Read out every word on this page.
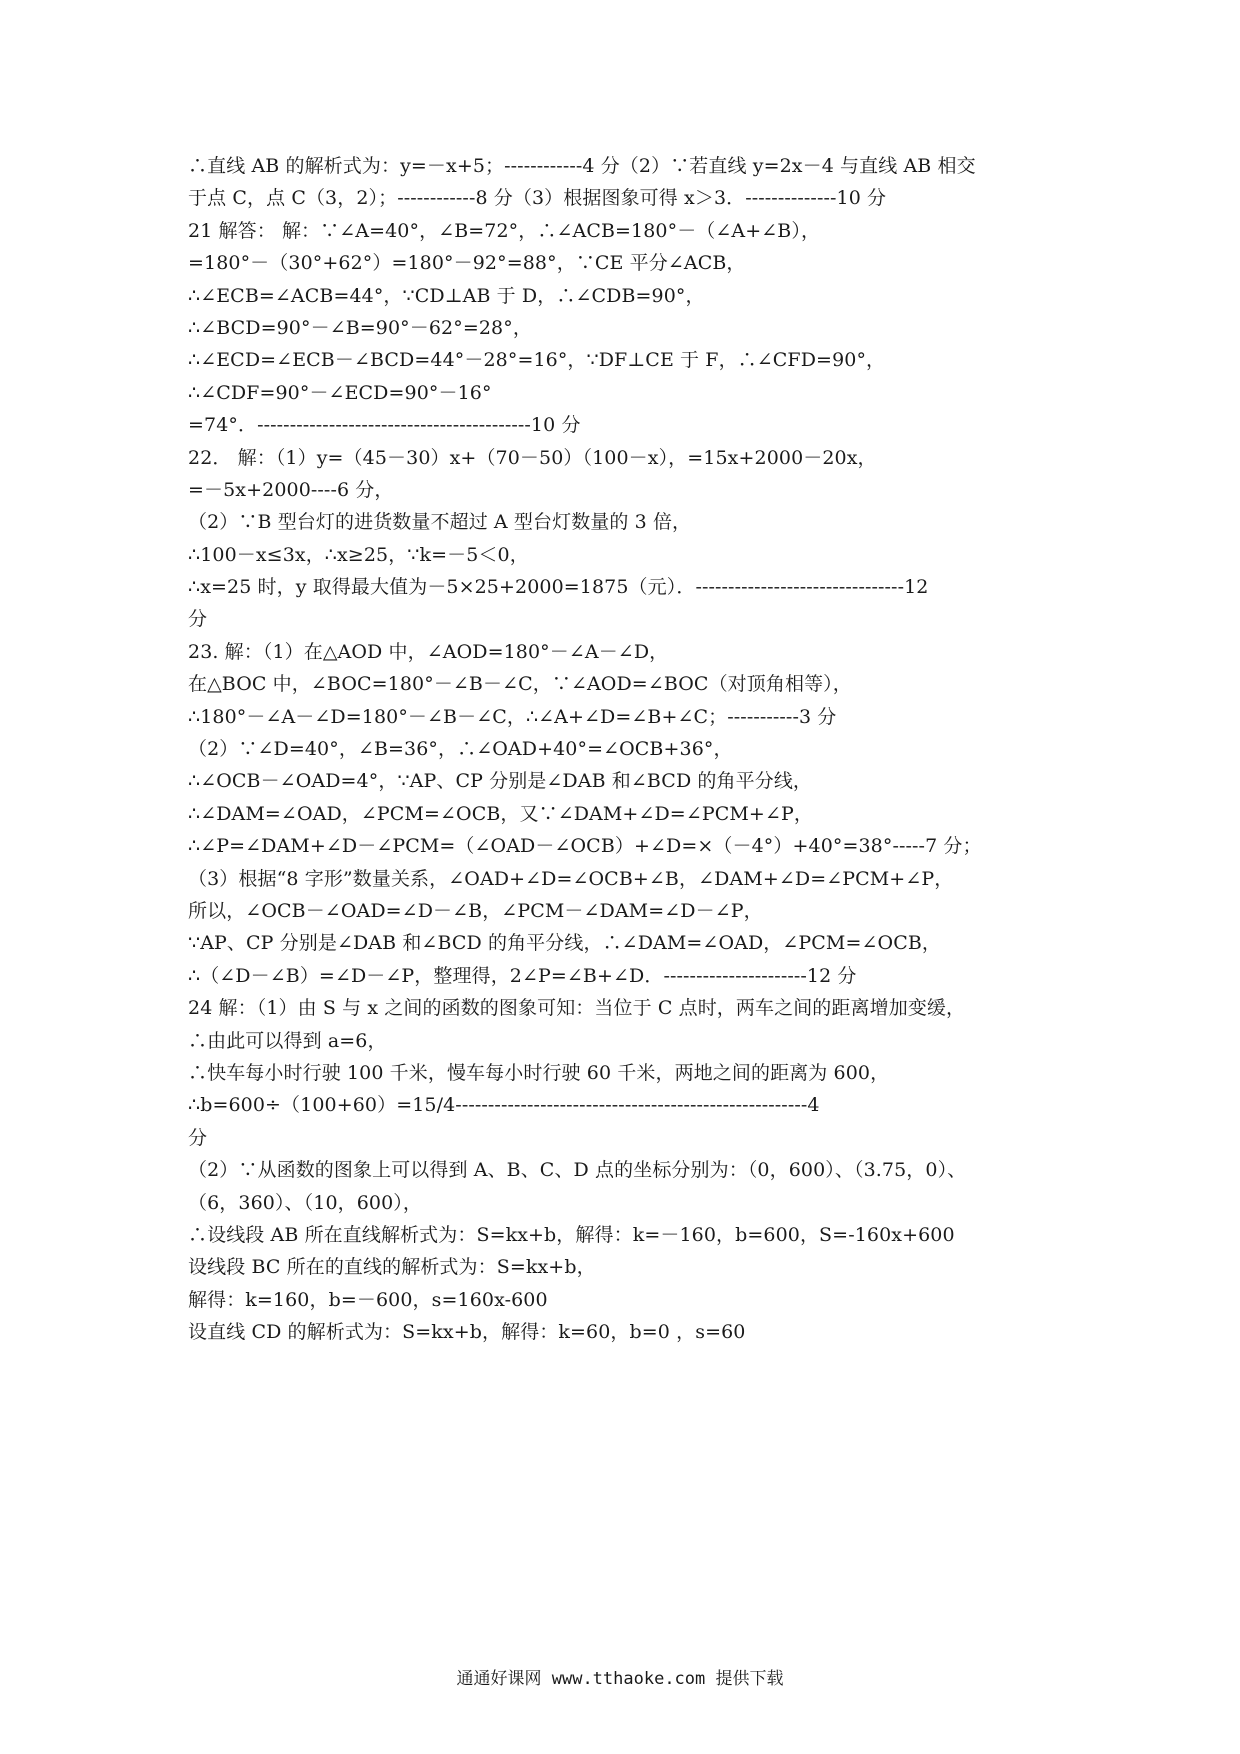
∴直线 AB 的解析式为：y=－x+5；------------4 分（2）∵若直线 y=2x－4 与直线 AB 相交
于点 C，点 C（3，2）；------------8 分（3）根据图象可得 x＞3．--------------10 分
21 解答： 解：∵∠A=40°，∠B=72°，∴∠ACB=180°－（∠A+∠B），
=180°－（30°+62°）=180°－92°=88°，∵CE 平分∠ACB，
∴∠ECB=∠ACB=44°，∵CD⊥AB 于 D，∴∠CDB=90°，
∴∠BCD=90°－∠B=90°－62°=28°，
∴∠ECD=∠ECB－∠BCD=44°－28°=16°，∵DF⊥CE 于 F，∴∠CFD=90°，
∴∠CDF=90°－∠ECD=90°－16°
=74°．------------------------------------------10 分
22． 解：（1）y=（45－30）x+（70－50）（100－x），=15x+2000－20x，
=－5x+2000----6 分，
（2）∵B 型台灯的进货数量不超过 A 型台灯数量的 3 倍，
∴100－x≤3x，∴x≥25，∵k=－5＜0，
∴x=25 时，y 取得最大值为－5×25+2000=1875（元）．--------------------------------12
分
23. 解：（1）在△AOD 中，∠AOD=180°－∠A－∠D，
在△BOC 中，∠BOC=180°－∠B－∠C，∵∠AOD=∠BOC（对顶角相等），
∴180°－∠A－∠D=180°－∠B－∠C，∴∠A+∠D=∠B+∠C；-----------3 分
（2）∵∠D=40°，∠B=36°，∴∠OAD+40°=∠OCB+36°，
∴∠OCB－∠OAD=4°，∵AP、CP 分别是∠DAB 和∠BCD 的角平分线，
∴∠DAM=∠OAD，∠PCM=∠OCB，又∵∠DAM+∠D=∠PCM+∠P，
∴∠P=∠DAM+∠D－∠PCM=（∠OAD－∠OCB）+∠D=×（－4°）+40°=38°-----7 分；
（3）根据“8 字形”数量关系，∠OAD+∠D=∠OCB+∠B，∠DAM+∠D=∠PCM+∠P，
所以，∠OCB－∠OAD=∠D－∠B，∠PCM－∠DAM=∠D－∠P，
∵AP、CP 分别是∠DAB 和∠BCD 的角平分线，∴∠DAM=∠OAD，∠PCM=∠OCB，
∴（∠D－∠B）=∠D－∠P，整理得，2∠P=∠B+∠D．----------------------12 分
24 解：（1）由 S 与 x 之间的函数的图象可知：当位于 C 点时，两车之间的距离增加变缓，
∴由此可以得到 a=6，
∴快车每小时行驶 100 千米，慢车每小时行驶 60 千米，两地之间的距离为 600，
∴b=600÷（100+60）=15/4------------------------------------------------------4
分
（2）∵从函数的图象上可以得到 A、B、C、D 点的坐标分别为：（0，600）、（3.75，0）、
（6，360）、（10，600），
∴设线段 AB 所在直线解析式为：S=kx+b，解得：k=－160，b=600，S=-160x+600
设线段 BC 所在的直线的解析式为：S=kx+b，
解得：k=160，b=－600，s=160x-600
设直线 CD 的解析式为：S=kx+b，解得：k=60，b=0 ，s=60
通通好课网 www.tthaoke.com 提供下载
